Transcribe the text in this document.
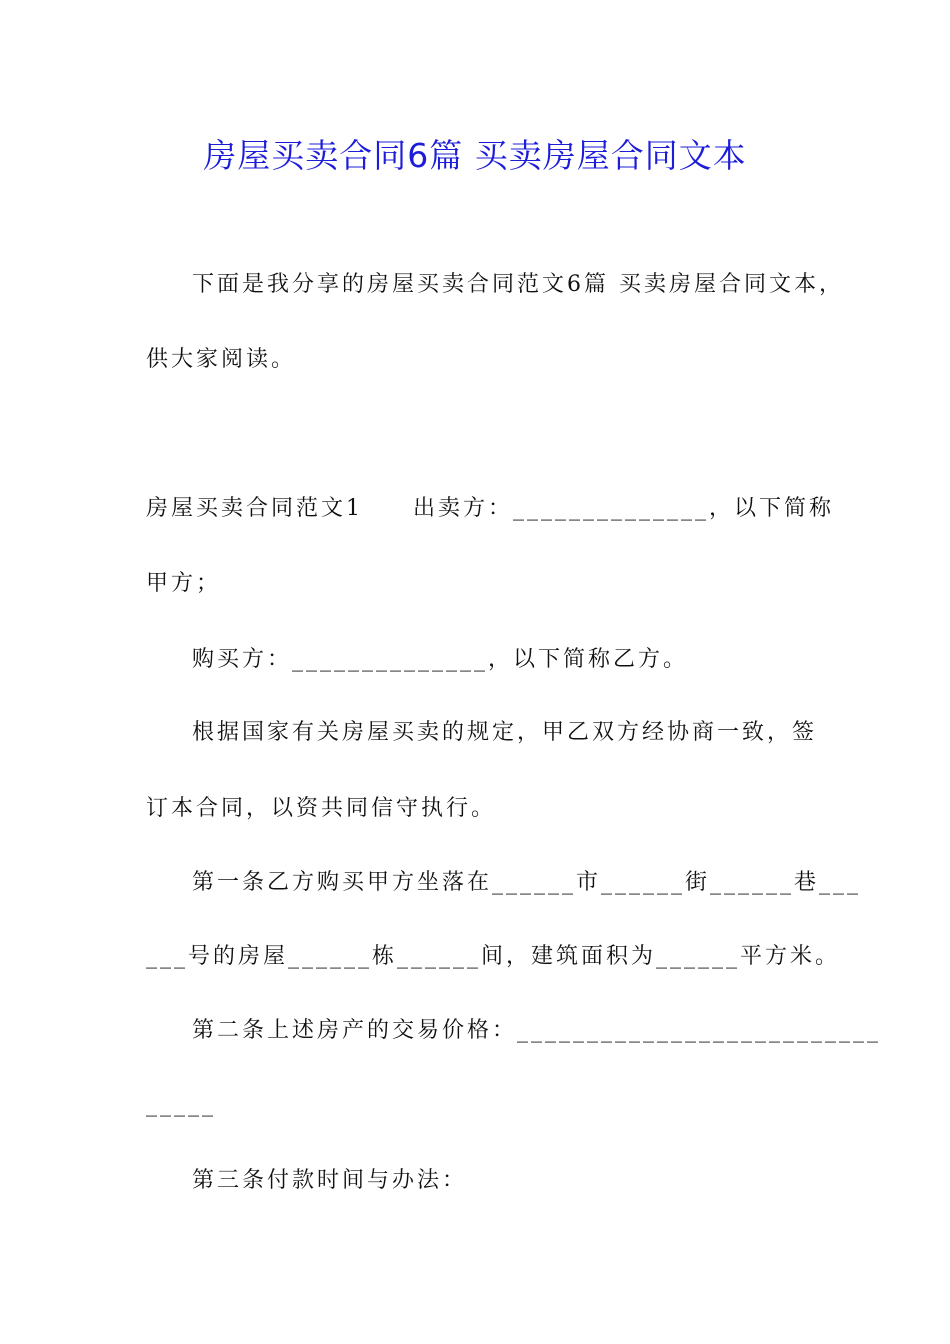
房屋买卖合同6篇 买卖房屋合同文本
下面是我分享的房屋买卖合同范文6篇 买卖房屋合同文本，
供大家阅读。
房屋买卖合同范文1　　出卖方：______________，以下简称
甲方；
购买方：______________，以下简称乙方。
根据国家有关房屋买卖的规定，甲乙双方经协商一致，签
订本合同，以资共同信守执行。
第一条乙方购买甲方坐落在______市______街______巷___
___号的房屋______栋______间，建筑面积为______平方米。
第二条上述房产的交易价格：__________________________
_____
第三条付款时间与办法：
